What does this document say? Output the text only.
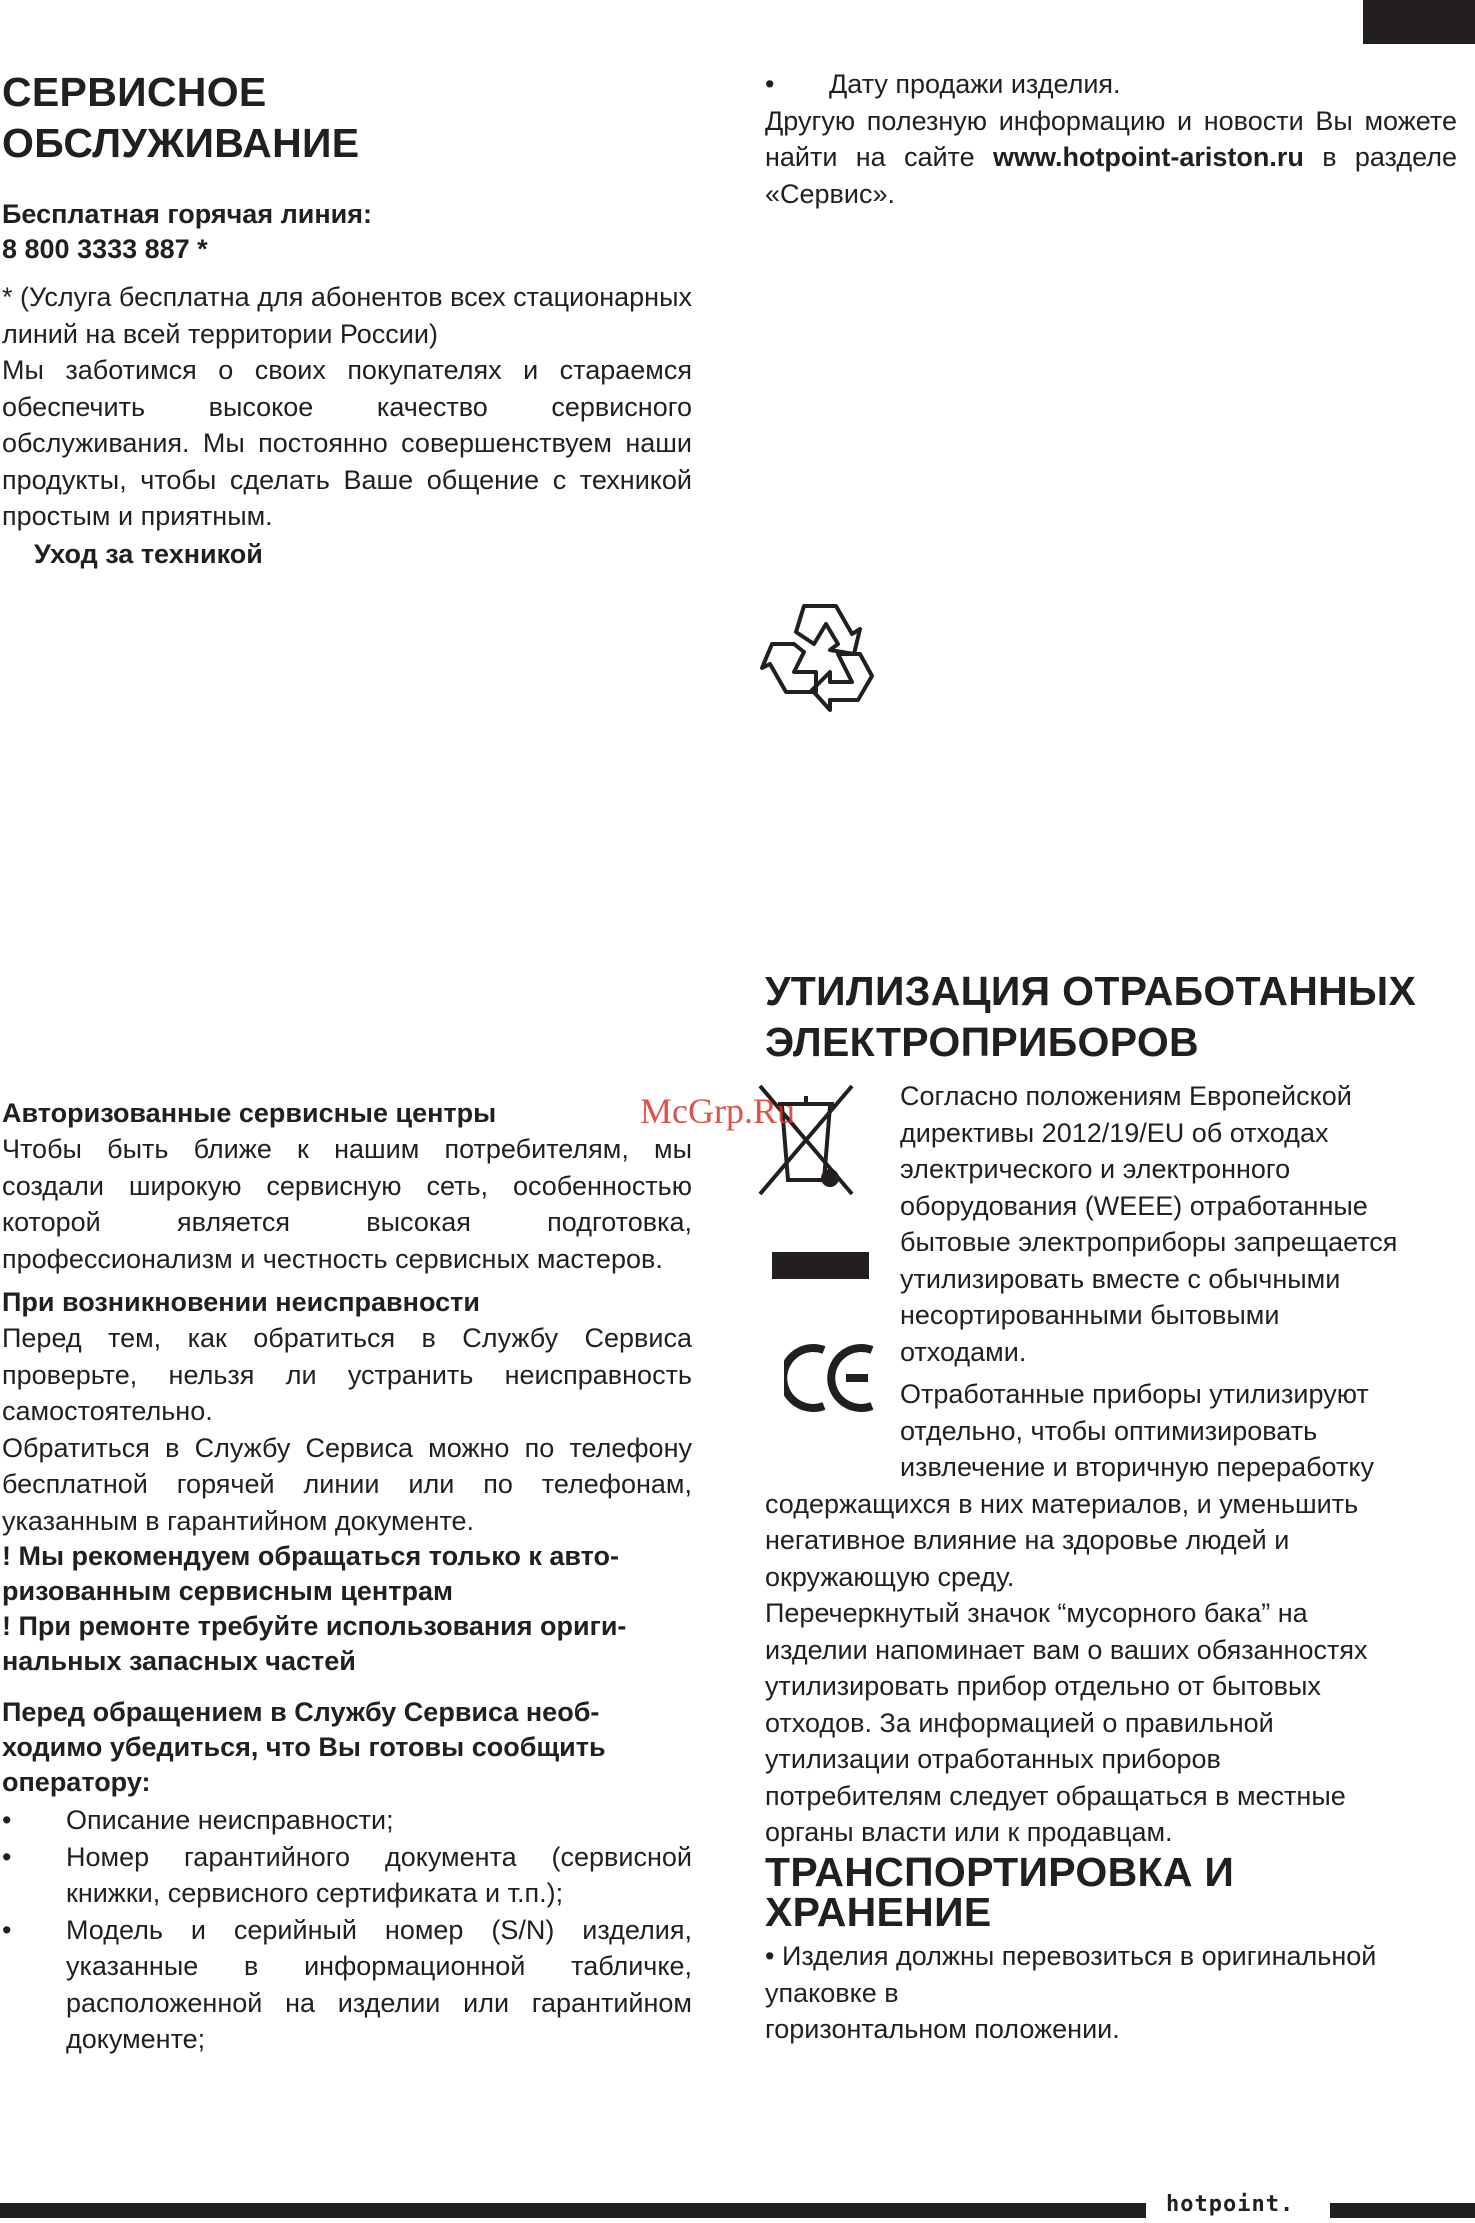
СЕРВИСНОЕ
ОБСЛУЖИВАНИЕ
Бесплатная горячая линия:
8 800 3333 887 *
* (Услуга бесплатна для абонентов всех стационарных линий на всей территории России)
Мы заботимся о своих покупателях и стараемся обеспечить высокое качество сервисного обслуживания. Мы постоянно совершенствуем наши продукты, чтобы сделать Ваше общение с техникой простым и приятным.
Уход за техникой
Авторизованные сервисные центры
Чтобы быть ближе к нашим потребителям, мы создали широкую сервисную сеть, особенностью которой является высокая подготовка, профессионализм и честность сервисных мастеров.
При возникновении неисправности
Перед тем, как обратиться в Службу Сервиса проверьте, нельзя ли устранить неисправность самостоятельно.
Обратиться в Службу Сервиса можно по телефону бесплатной горячей линии или по телефонам, указанным в гарантийном документе.
! Мы рекомендуем обращаться только к авто-
ризованным сервисным центрам
! При ремонте требуйте использования ориги-
нальных запасных частей
Перед обращением в Службу Сервиса необ-
ходимо убедиться, что Вы готовы сообщить
оператору:
•	Описание неисправности;
•	Номер гарантийного документа (сервисной книжки, сервисного сертификата и т.п.);
•	Модель и серийный номер (S/N) изделия, указанные в информационной табличке, расположенной на изделии или гарантийном документе;
•	Дату продажи изделия.
Другую полезную информацию и новости Вы можете найти на сайте www.hotpoint-ariston.ru в разделе «Сервис».
УТИЛИЗАЦИЯ ОТРАБОТАННЫХ
ЭЛЕКТРОПРИБОРОВ
Согласно положениям Европейской
директивы 2012/19/EU об отходах
электрического и электронного
оборудования (WEEE) отработанные
бытовые электроприборы запрещается
утилизировать вместе с обычными
несортированными бытовыми
отходами.
Отработанные приборы утилизируют
отдельно, чтобы оптимизировать
извлечение и вторичную переработку
содержащихся в них материалов, и уменьшить
негативное влияние на здоровье людей и
окружающую среду.
Перечеркнутый значок “мусорного бака” на
изделии напоминает вам о ваших обязанностях
утилизировать прибор отдельно от бытовых
отходов. За информацией о правильной
утилизации отработанных приборов
потребителям следует обращаться в местные
органы власти или к продавцам.
ТРАНСПОРТИРОВКА И
ХРАНЕНИЕ
• Изделия должны перевозиться в оригинальной
упаковке в
горизонтальном положении.
McGrp.Ru
hotpoint.
